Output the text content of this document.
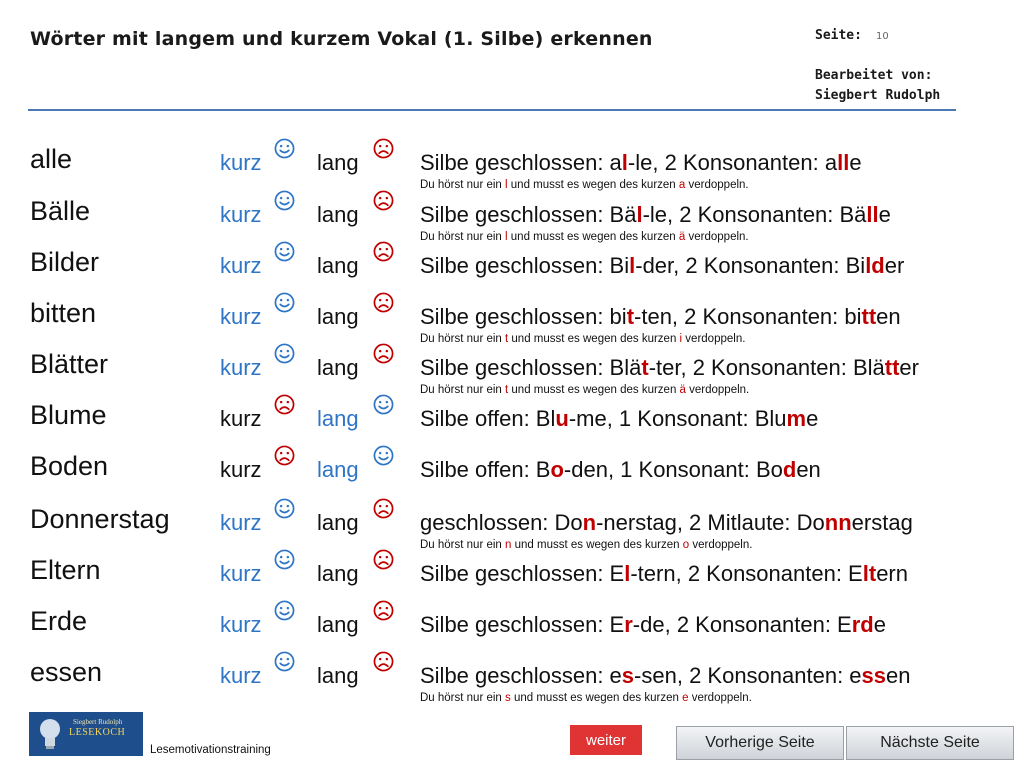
Wörter mit langem und kurzem Vokal (1. Silbe) erkennen	Seite: 10
Bearbeitet von:
Siegbert Rudolph
alle	kurz	lang	Silbe geschlossen: al-le, 2 Konsonanten: alle
Du hörst nur ein l und musst es wegen des kurzen a verdoppeln.
Bälle	kurz	lang	Silbe geschlossen: Bäl-le, 2 Konsonanten: Bälle
Du hörst nur ein l und musst es wegen des kurzen ä verdoppeln.
Bilder	kurz	lang	Silbe geschlossen: Bil-der, 2 Konsonanten: Bilder
bitten	kurz	lang	Silbe geschlossen: bit-ten, 2 Konsonanten: bitten
Du hörst nur ein t und musst es wegen des kurzen i verdoppeln.
Blätter	kurz	lang	Silbe geschlossen: Blät-ter, 2 Konsonanten: Blätter
Du hörst nur ein t und musst es wegen des kurzen ä verdoppeln.
Blume	kurz	lang	Silbe offen: Blu-me, 1 Konsonant: Blume
Boden	kurz	lang	Silbe offen: Bo-den, 1 Konsonant: Boden
Donnerstag kurz	lang	geschlossen: Don-nerstag, 2 Mitlaute: Donnerstag
Du hörst nur ein n und musst es wegen des kurzen o verdoppeln.
Eltern	kurz	lang	Silbe geschlossen: El-tern, 2 Konsonanten: Eltern
Erde	kurz	lang	Silbe geschlossen: Er-de, 2 Konsonanten: Erde
essen	kurz	lang	Silbe geschlossen: es-sen, 2 Konsonanten: essen
Du hörst nur ein s und musst es wegen des kurzen e verdoppeln.
Siegbert Rudolph
LESEKOCH
Lesemotivationstraining
weiter	Vorherige Seite	Nächste Seite
